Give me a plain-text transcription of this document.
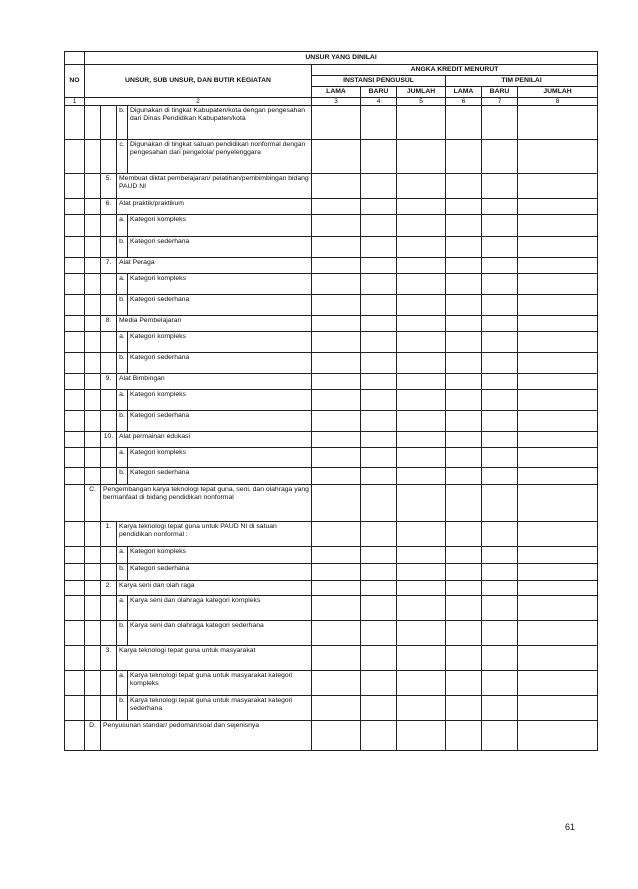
	UNSUR YANG DINILAI									
NO	UNSUR, SUB UNSUR, DAN BUTIR KEGIATAN				ANGKA KREDIT MENURUT					
					INSTANSI PENGUSUL			TIM PENILAI		
					LAMA	BARU	JUMLAH	LAMA	BARU	JUMLAH
1	2				3	4	5	6	7	8
			b.	Digunakan di tingkat Kabupaten/kota dengan pengesahan dari Dinas Pendidikan Kabupaten/kota						
			c.	Digunakan di tingkat satuan pendidikan nonformal dengan pengesahan dari pengelola/ penyelenggara						
		5.	Membuat diktat pembelajaran/ pelatihan/pembimbingan bidang PAUD NI							
		6.	Alat praktik/praktikum							
			a.	Kategori kompleks						
			b.	Kategori sederhana						
		7.	Alat Peraga							
			a.	Kategori kompleks						
			b.	Kategori sederhana						
		8.	Media Pembelajaran							
			a.	Kategori kompleks						
			b.	Kategori sederhana						
		9.	Alat Bimbingan							
			a.	Kategori kompleks						
			b.	Kategori sederhana						
		10.	Alat permainan edukasi							
			a.	Kategori kompleks						
			b.	Kategori sederhana						
	C.	Pengembangan karya teknologi tepat guna, seni, dan olahraga yang bermanfaat di bidang pendidikan nonformal								
		1.	Karya teknologi tepat guna untuk PAUD NI di satuan pendidikan nonformal :							
			a.	Kategori kompleks						
			b.	Kategori sederhana						
		2.	Karya seni dan olah raga							
			a.	Karya seni dan olahraga kategori kompleks						
			b.	Karya seni dan olahraga kategori sederhana						
		3.	Karya teknologi tepat guna untuk masyarakat							
			a.	Karya teknologi tepat guna untuk masyarakat kategori kompleks						
			b.	Karya teknologi tepat guna untuk masyarakat kategori sederhana						
	D.	Penyusunan standar/ pedoman/soal dan sejenisnya								
61
